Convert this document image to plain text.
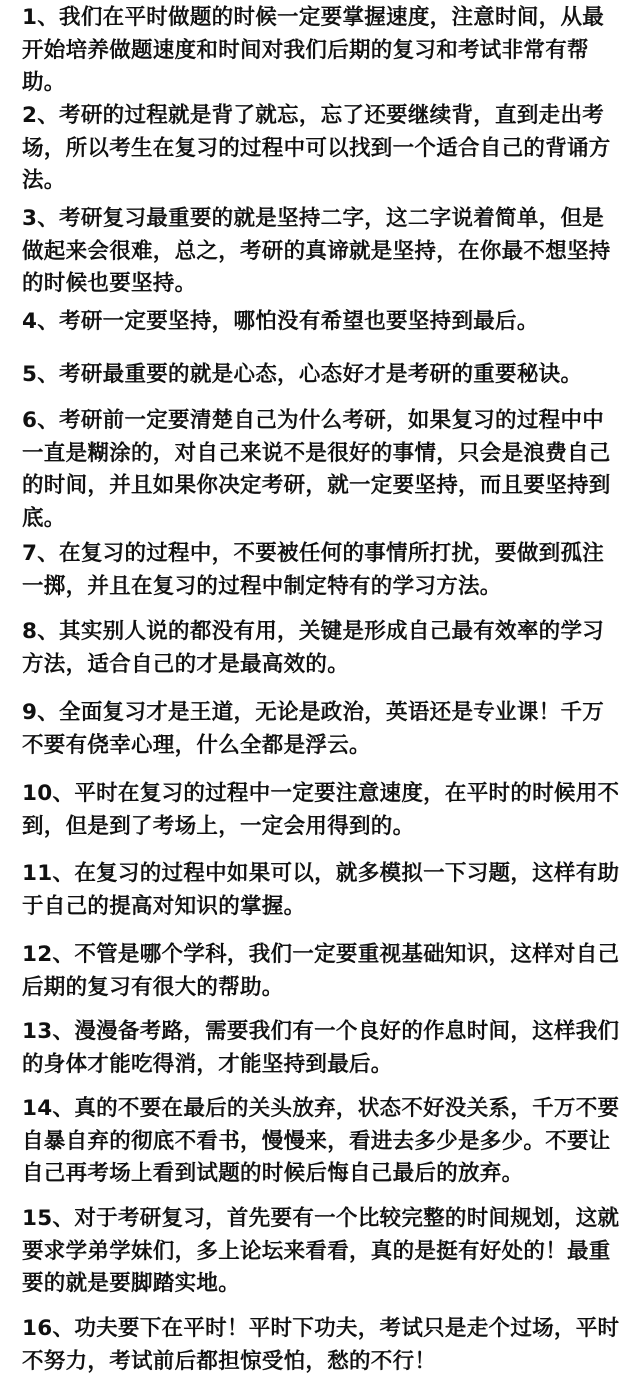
1、我们在平时做题的时候一定要掌握速度，注意时间，从最开始培养做题速度和时间对我们后期的复习和考试非常有帮助。

2、考研的过程就是背了就忘，忘了还要继续背，直到走出考场，所以考生在复习的过程中可以找到一个适合自己的背诵方法。

3、考研复习最重要的就是坚持二字，这二字说着简单，但是做起来会很难，总之，考研的真谛就是坚持，在你最不想坚持的时候也要坚持。

4、考研一定要坚持，哪怕没有希望也要坚持到最后。

5、考研最重要的就是心态，心态好才是考研的重要秘诀。

6、考研前一定要清楚自己为什么考研，如果复习的过程中中一直是糊涂的，对自己来说不是很好的事情，只会是浪费自己的时间，并且如果你决定考研，就一定要坚持，而且要坚持到底。

7、在复习的过程中，不要被任何的事情所打扰，要做到孤注一掷，并且在复习的过程中制定特有的学习方法。

8、其实别人说的都没有用，关键是形成自己最有效率的学习方法，适合自己的才是最高效的。

9、全面复习才是王道，无论是政治，英语还是专业课！千万不要有侥幸心理，什么全都是浮云。

10、平时在复习的过程中一定要注意速度，在平时的时候用不到，但是到了考场上，一定会用得到的。

11、在复习的过程中如果可以，就多模拟一下习题，这样有助于自己的提高对知识的掌握。

12、不管是哪个学科，我们一定要重视基础知识，这样对自己后期的复习有很大的帮助。

13、漫漫备考路，需要我们有一个良好的作息时间，这样我们的身体才能吃得消，才能坚持到最后。

14、真的不要在最后的关头放弃，状态不好没关系，千万不要自暴自弃的彻底不看书，慢慢来，看进去多少是多少。不要让自己再考场上看到试题的时候后悔自己最后的放弃。

15、对于考研复习，首先要有一个比较完整的时间规划，这就要求学弟学妹们，多上论坛来看看，真的是挺有好处的！最重要的就是要脚踏实地。

16、功夫要下在平时！平时下功夫，考试只是走个过场，平时不努力，考试前后都担惊受怕，愁的不行！
